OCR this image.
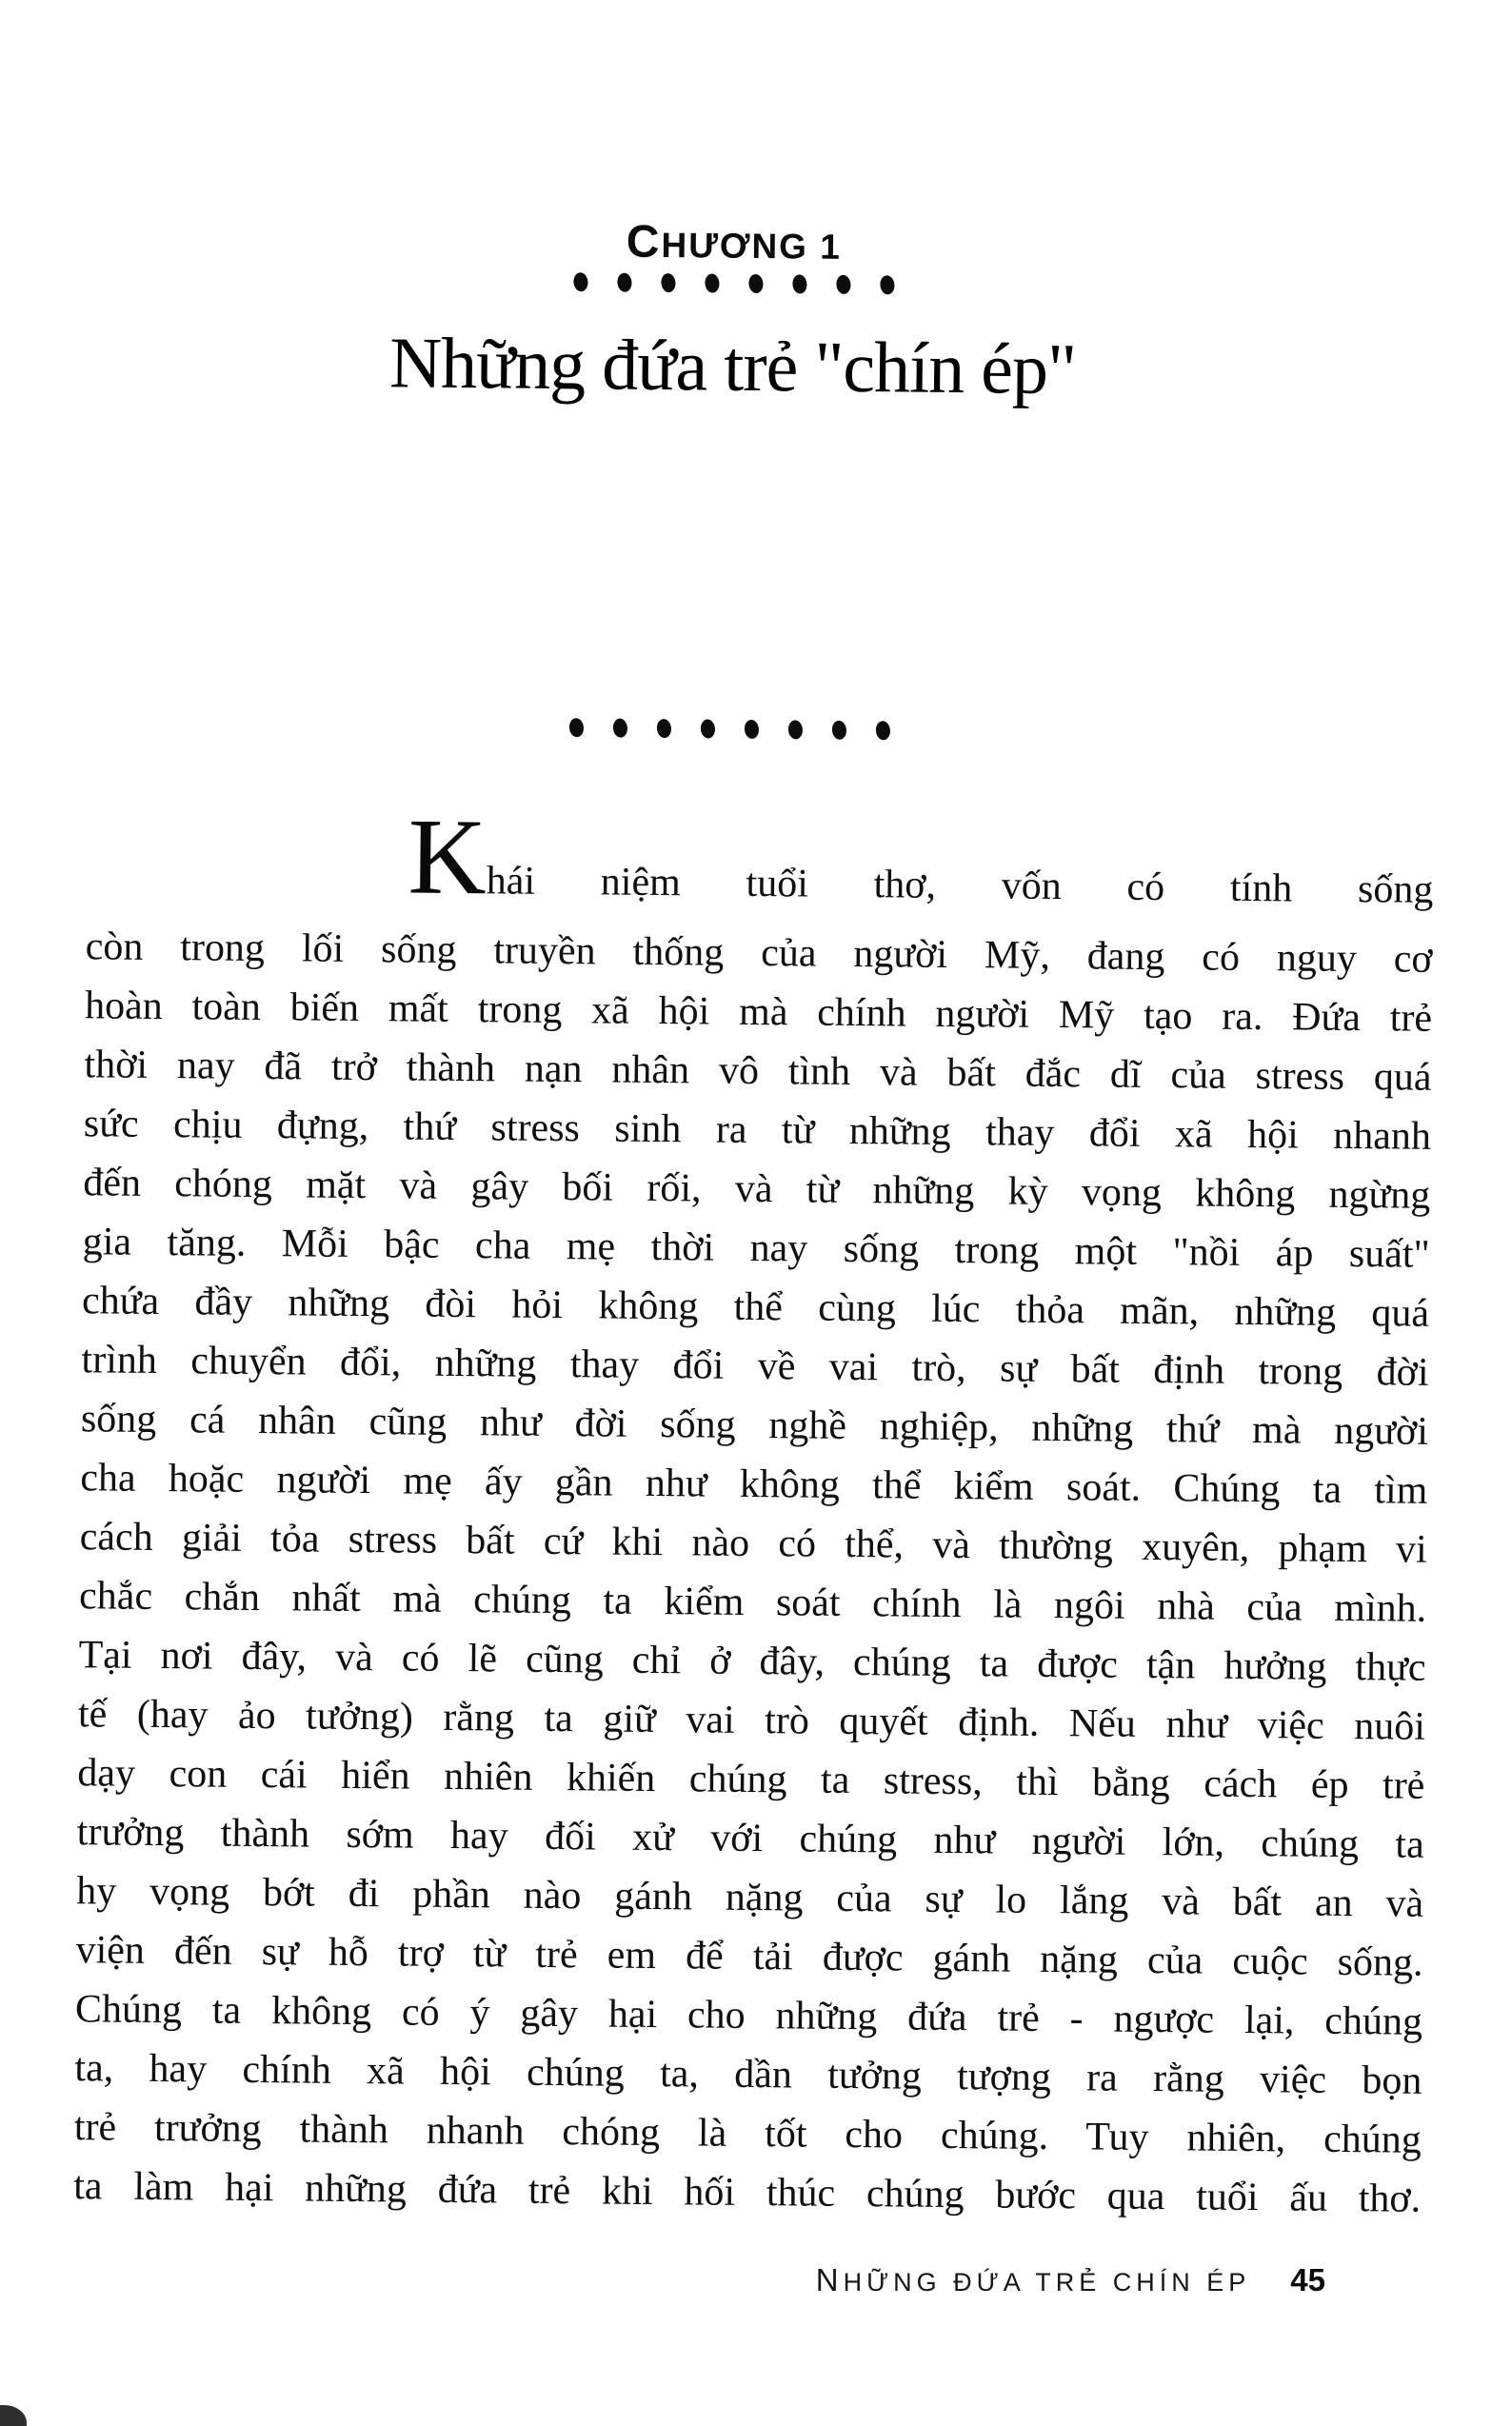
CHƯƠNG 1
Những đứa trẻ "chín ép"
K
hái niệm tuổi thơ, vốn có tính sống
còn trong lối sống truyền thống của người Mỹ, đang có nguy cơ
hoàn toàn biến mất trong xã hội mà chính người Mỹ tạo ra. Đứa trẻ
thời nay đã trở thành nạn nhân vô tình và bất đắc dĩ của stress quá
sức chịu đựng, thứ stress sinh ra từ những thay đổi xã hội nhanh
đến chóng mặt và gây bối rối, và từ những kỳ vọng không ngừng
gia tăng. Mỗi bậc cha mẹ thời nay sống trong một "nồi áp suất"
chứa đầy những đòi hỏi không thể cùng lúc thỏa mãn, những quá
trình chuyển đổi, những thay đổi về vai trò, sự bất định trong đời
sống cá nhân cũng như đời sống nghề nghiệp, những thứ mà người
cha hoặc người mẹ ấy gần như không thể kiểm soát. Chúng ta tìm
cách giải tỏa stress bất cứ khi nào có thể, và thường xuyên, phạm vi
chắc chắn nhất mà chúng ta kiểm soát chính là ngôi nhà của mình.
Tại nơi đây, và có lẽ cũng chỉ ở đây, chúng ta được tận hưởng thực
tế (hay ảo tưởng) rằng ta giữ vai trò quyết định. Nếu như việc nuôi
dạy con cái hiển nhiên khiến chúng ta stress, thì bằng cách ép trẻ
trưởng thành sớm hay đối xử với chúng như người lớn, chúng ta
hy vọng bớt đi phần nào gánh nặng của sự lo lắng và bất an và
viện đến sự hỗ trợ từ trẻ em để tải được gánh nặng của cuộc sống.
Chúng ta không có ý gây hại cho những đứa trẻ - ngược lại, chúng
ta, hay chính xã hội chúng ta, dần tưởng tượng ra rằng việc bọn
trẻ trưởng thành nhanh chóng là tốt cho chúng. Tuy nhiên, chúng
ta làm hại những đứa trẻ khi hối thúc chúng bước qua tuổi ấu thơ.
NHỮNG ĐỨA TRẺ CHÍN ÉP 45
